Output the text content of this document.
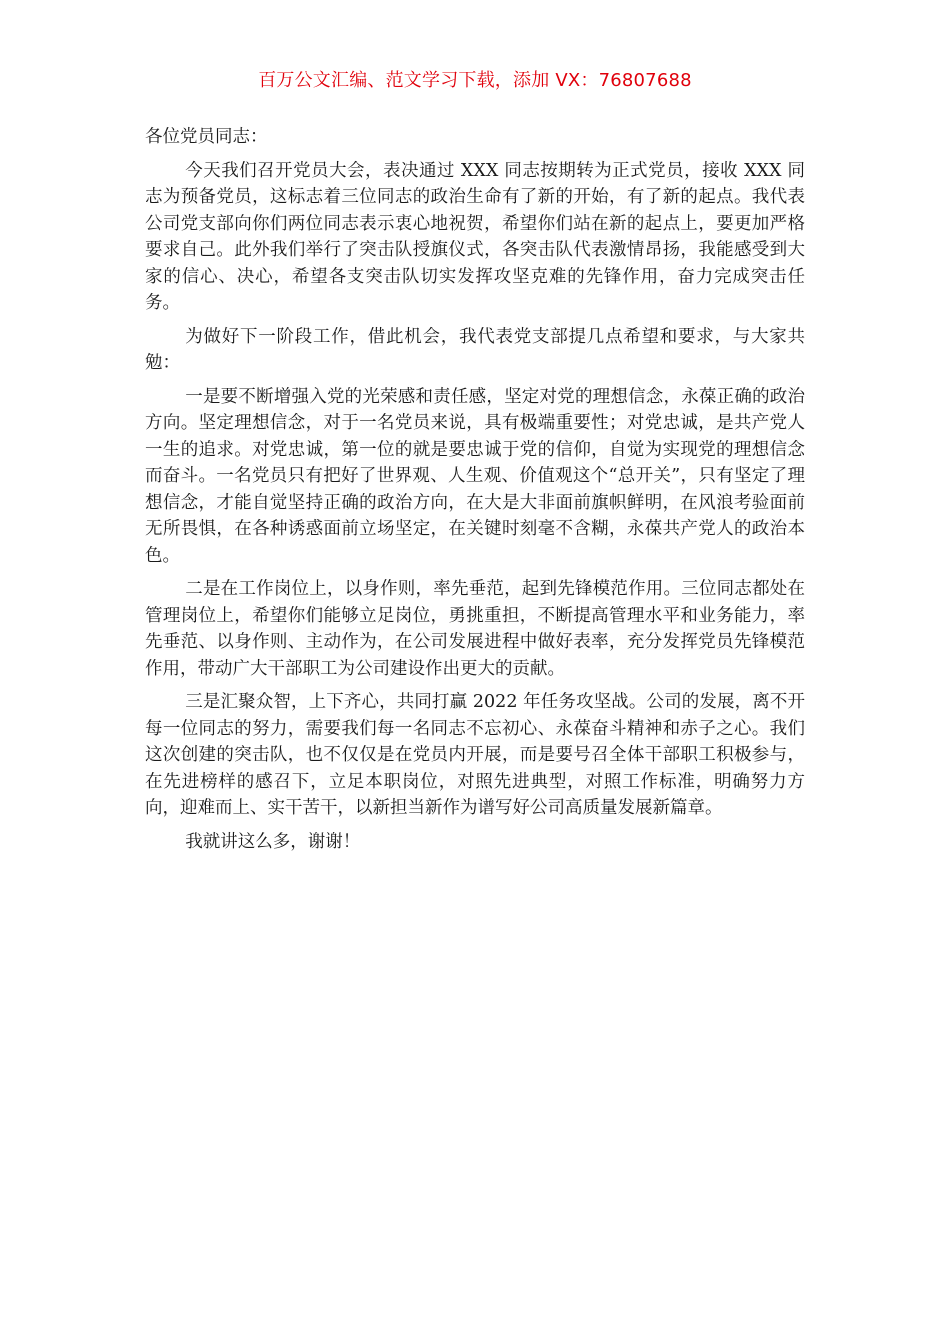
百万公文汇编、范文学习下载，添加 VX：76807688

各位党员同志：

今天我们召开党员大会，表决通过 XXX 同志按期转为正式党员，接收 XXX 同志为预备党员，这标志着三位同志的政治生命有了新的开始，有了新的起点。我代表公司党支部向你们两位同志表示衷心地祝贺，希望你们站在新的起点上，要更加严格要求自己。此外我们举行了突击队授旗仪式，各突击队代表激情昂扬，我能感受到大家的信心、决心，希望各支突击队切实发挥攻坚克难的先锋作用，奋力完成突击任务。

为做好下一阶段工作，借此机会，我代表党支部提几点希望和要求，与大家共勉：

一是要不断增强入党的光荣感和责任感，坚定对党的理想信念，永葆正确的政治方向。坚定理想信念，对于一名党员来说，具有极端重要性；对党忠诚，是共产党人一生的追求。对党忠诚，第一位的就是要忠诚于党的信仰，自觉为实现党的理想信念而奋斗。一名党员只有把好了世界观、人生观、价值观这个“总开关”，只有坚定了理想信念，才能自觉坚持正确的政治方向，在大是大非面前旗帜鲜明，在风浪考验面前无所畏惧，在各种诱惑面前立场坚定，在关键时刻毫不含糊，永葆共产党人的政治本色。

二是在工作岗位上，以身作则，率先垂范，起到先锋模范作用。三位同志都处在管理岗位上，希望你们能够立足岗位，勇挑重担，不断提高管理水平和业务能力，率先垂范、以身作则、主动作为，在公司发展进程中做好表率，充分发挥党员先锋模范作用，带动广大干部职工为公司建设作出更大的贡献。

三是汇聚众智，上下齐心，共同打赢 2022 年任务攻坚战。公司的发展，离不开每一位同志的努力，需要我们每一名同志不忘初心、永葆奋斗精神和赤子之心。我们这次创建的突击队，也不仅仅是在党员内开展，而是要号召全体干部职工积极参与，在先进榜样的感召下，立足本职岗位，对照先进典型，对照工作标准，明确努力方向，迎难而上、实干苦干，以新担当新作为谱写好公司高质量发展新篇章。

我就讲这么多，谢谢！
